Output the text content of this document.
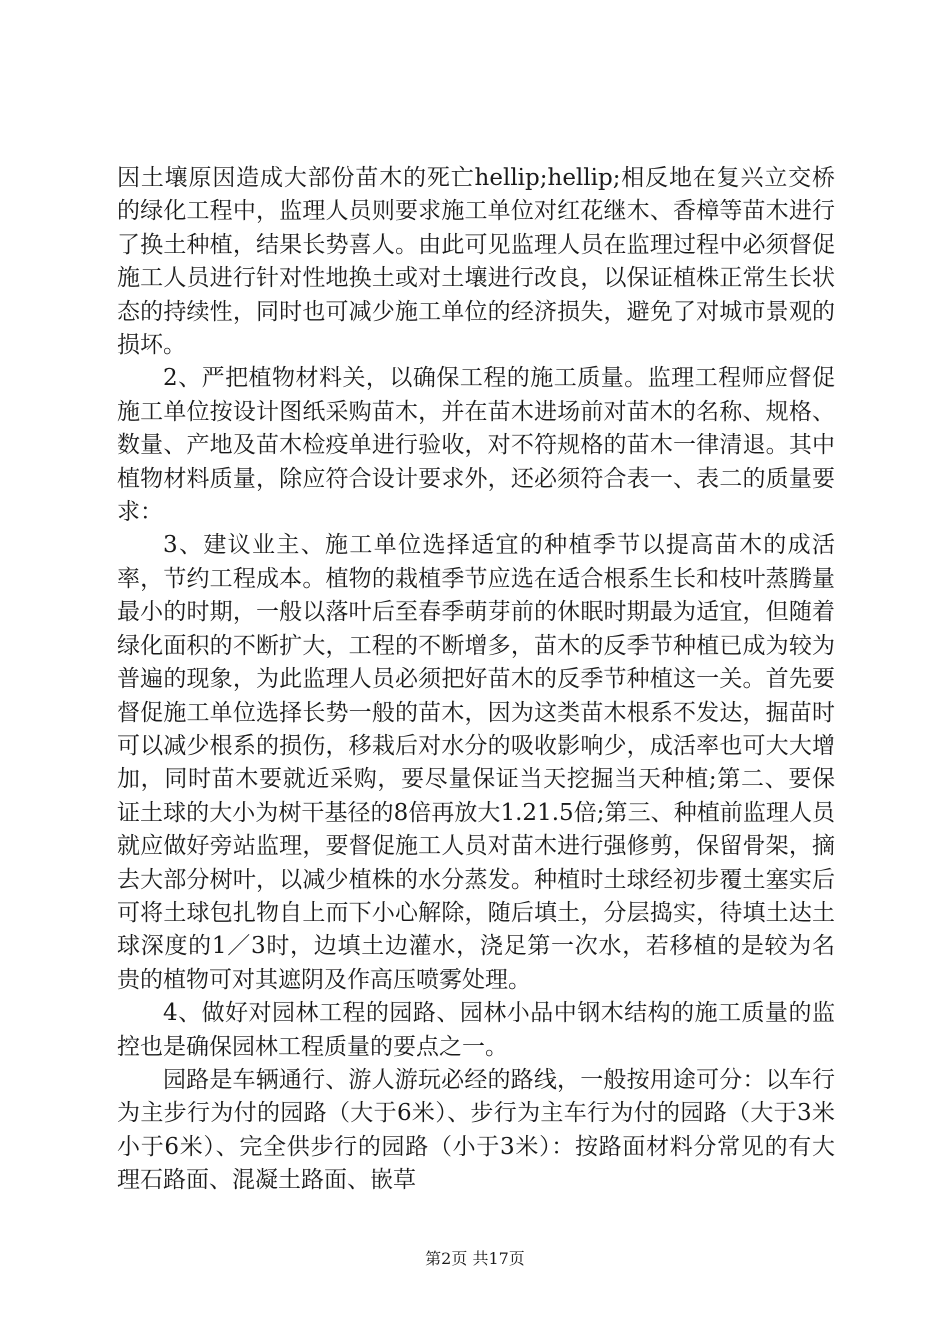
因土壤原因造成大部份苗木的死亡hellip;hellip;相反地在复兴立交桥的绿化工程中，监理人员则要求施工单位对红花继木、香樟等苗木进行了换土种植，结果长势喜人。由此可见监理人员在监理过程中必须督促施工人员进行针对性地换土或对土壤进行改良，以保证植株正常生长状态的持续性，同时也可减少施工单位的经济损失，避免了对城市景观的损坏。

2、严把植物材料关，以确保工程的施工质量。监理工程师应督促施工单位按设计图纸采购苗木，并在苗木进场前对苗木的名称、规格、数量、产地及苗木检疫单进行验收，对不符规格的苗木一律清退。其中植物材料质量，除应符合设计要求外，还必须符合表一、表二的质量要求：

3、建议业主、施工单位选择适宜的种植季节以提高苗木的成活率，节约工程成本。植物的栽植季节应选在适合根系生长和枝叶蒸腾量最小的时期，一般以落叶后至春季萌芽前的休眠时期最为适宜，但随着绿化面积的不断扩大，工程的不断增多，苗木的反季节种植已成为较为普遍的现象，为此监理人员必须把好苗木的反季节种植这一关。首先要督促施工单位选择长势一般的苗木，因为这类苗木根系不发达，掘苗时可以减少根系的损伤，移栽后对水分的吸收影响少，成活率也可大大增加，同时苗木要就近采购，要尽量保证当天挖掘当天种植;第二、要保证土球的大小为树干基径的8倍再放大1.21.5倍;第三、种植前监理人员就应做好旁站监理，要督促施工人员对苗木进行强修剪，保留骨架，摘去大部分树叶，以减少植株的水分蒸发。种植时土球经初步覆土塞实后可将土球包扎物自上而下小心解除，随后填土，分层捣实，待填土达土球深度的1／3时，边填土边灌水，浇足第一次水，若移植的是较为名贵的植物可对其遮阴及作高压喷雾处理。

4、做好对园林工程的园路、园林小品中钢木结构的施工质量的监控也是确保园林工程质量的要点之一。

园路是车辆通行、游人游玩必经的路线，一般按用途可分：以车行为主步行为付的园路（大于6米）、步行为主车行为付的园路（大于3米小于6米）、完全供步行的园路（小于3米）：按路面材料分常见的有大理石路面、混凝土路面、嵌草

第2页 共17页
